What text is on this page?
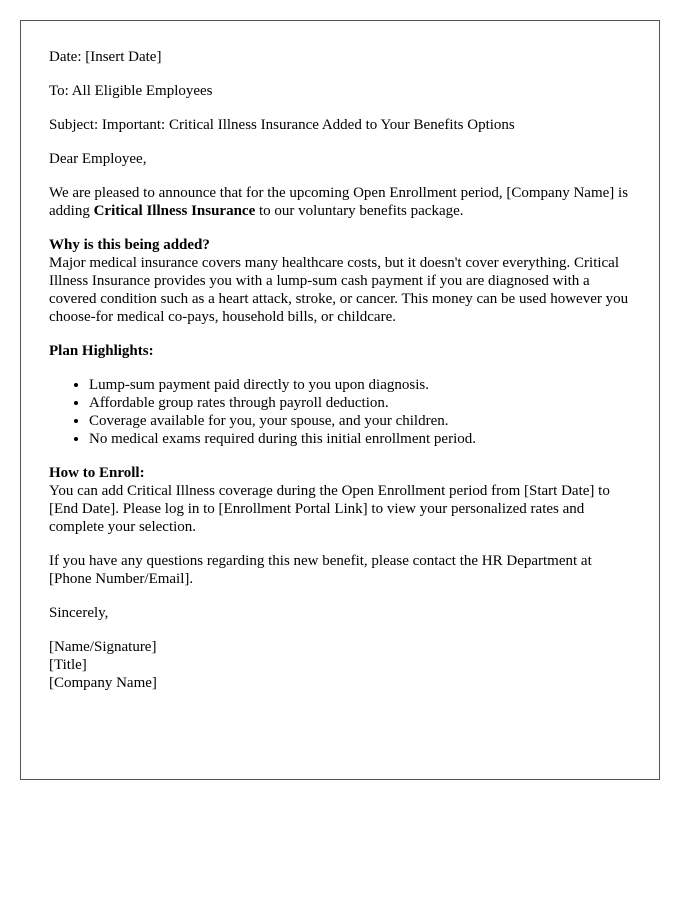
Date: [Insert Date]

To: All Eligible Employees

Subject: Important: Critical Illness Insurance Added to Your Benefits Options

Dear Employee,

We are pleased to announce that for the upcoming Open Enrollment period, [Company Name] is adding Critical Illness Insurance to our voluntary benefits package.

Why is this being added?
Major medical insurance covers many healthcare costs, but it doesn't cover everything. Critical Illness Insurance provides you with a lump-sum cash payment if you are diagnosed with a covered condition such as a heart attack, stroke, or cancer. This money can be used however you choose-for medical co-pays, household bills, or childcare.

Plan Highlights:

• Lump-sum payment paid directly to you upon diagnosis.
• Affordable group rates through payroll deduction.
• Coverage available for you, your spouse, and your children.
• No medical exams required during this initial enrollment period.

How to Enroll:
You can add Critical Illness coverage during the Open Enrollment period from [Start Date] to [End Date]. Please log in to [Enrollment Portal Link] to view your personalized rates and complete your selection.

If you have any questions regarding this new benefit, please contact the HR Department at [Phone Number/Email].

Sincerely,

[Name/Signature]
[Title]
[Company Name]
